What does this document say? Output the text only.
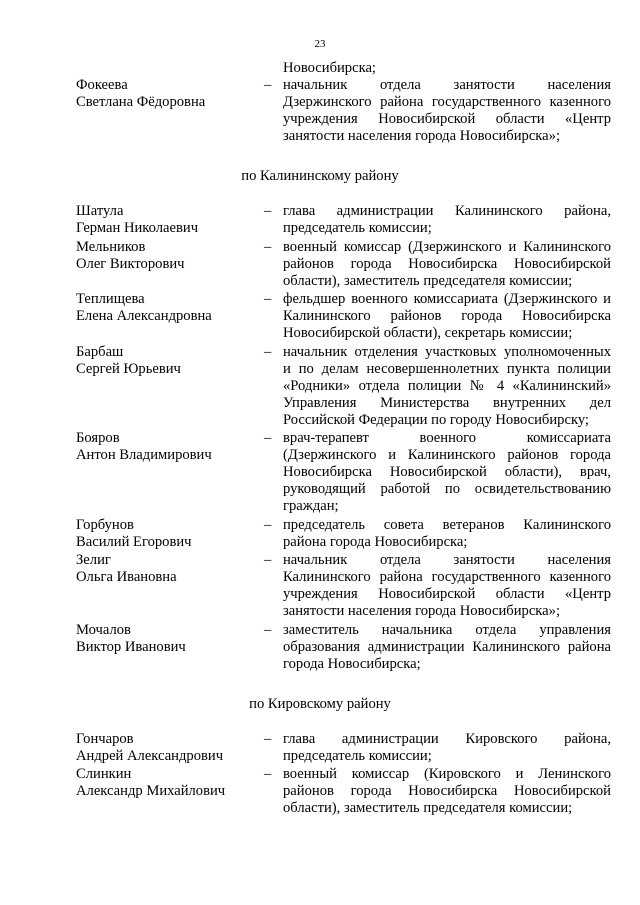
23
Новосибирска;
Фокеева
Светлана Фёдоровна
– начальник отдела занятости населения Дзержинского района государственного казенного учреждения Новосибирской области «Центр занятости населения города Новосибирска»;
по Калининскому району
Шатула
Герман Николаевич
– глава администрации Калининского района, председатель комиссии;
Мельников
Олег Викторович
– военный комиссар (Дзержинского и Калининского районов города Новосибирска Новосибирской области), заместитель председателя комиссии;
Теплищева
Елена Александровна
– фельдшер военного комиссариата (Дзержинского и Калининского районов города Новосибирска Новосибирской области), секретарь комиссии;
Барбаш
Сергей Юрьевич
– начальник отделения участковых уполномоченных и по делам несовершеннолетних пункта полиции «Родники» отдела полиции № 4 «Калининский» Управления Министерства внутренних дел Российской Федерации по городу Новосибирску;
Бояров
Антон Владимирович
– врач-терапевт военного комиссариата (Дзержинского и Калининского районов города Новосибирска Новосибирской области), врач, руководящий работой по освидетельствованию граждан;
Горбунов
Василий Егорович
– председатель совета ветеранов Калининского района города Новосибирска;
Зелиг
Ольга Ивановна
– начальник отдела занятости населения Калининского района государственного казенного учреждения Новосибирской области «Центр занятости населения города Новосибирска»;
Мочалов
Виктор Иванович
– заместитель начальника отдела управления образования администрации Калининского района города Новосибирска;
по Кировскому району
Гончаров
Андрей Александрович
– глава администрации Кировского района, председатель комиссии;
Слинкин
Александр Михайлович
– военный комиссар (Кировского и Ленинского районов города Новосибирска Новосибирской области), заместитель председателя комиссии;
